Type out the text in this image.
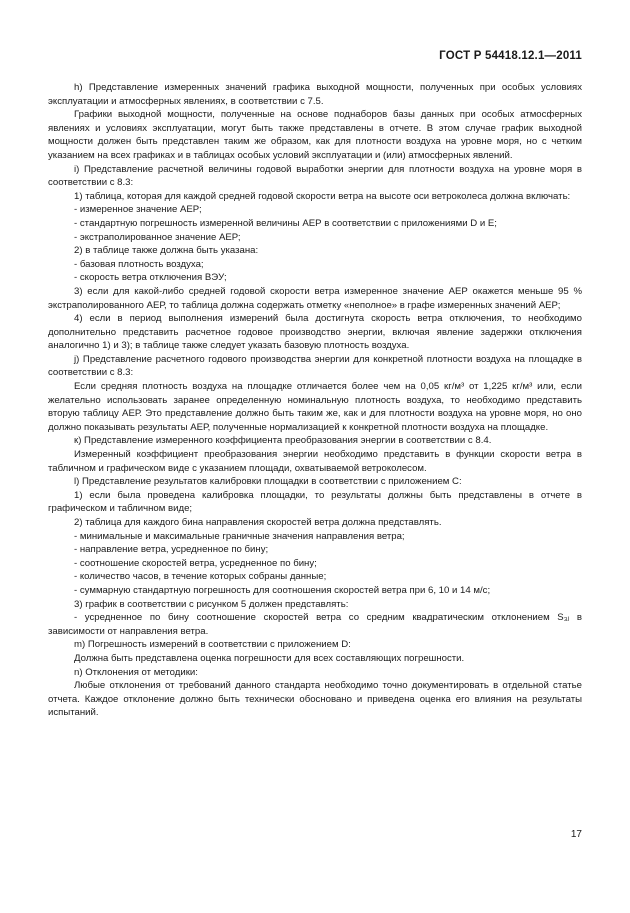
ГОСТ Р 54418.12.1—2011

h) Представление измеренных значений графика выходной мощности, полученных при особых условиях эксплуатации и атмосферных явлениях, в соответствии с 7.5.

Графики выходной мощности, полученные на основе поднаборов базы данных при особых атмосферных явлениях и условиях эксплуатации, могут быть также представлены в отчете. В этом случае график выходной мощности должен быть представлен таким же образом, как для плотности воздуха на уровне моря, но с четким указанием на всех графиках и в таблицах особых условий эксплуатации и (или) атмосферных явлений.

i) Представление расчетной величины годовой выработки энергии для плотности воздуха на уровне моря в соответствии с 8.3:

1) таблица, которая для каждой средней годовой скорости ветра на высоте оси ветроколеса должна включать:

- измеренное значение АЕР;

- стандартную погрешность измеренной величины АЕР в соответствии с приложениями D и E;

- экстраполированное значение АЕР;

2) в таблице также должна быть указана:

- базовая плотность воздуха;

- скорость ветра отключения ВЭУ;

3) если для какой-либо средней годовой скорости ветра измеренное значение АЕР окажется меньше 95 % экстраполированного АЕР, то таблица должна содержать отметку «неполное» в графе измеренных значений АЕР;

4) если в период выполнения измерений была достигнута скорость ветра отключения, то необходимо дополнительно представить расчетное годовое производство энергии, включая явление задержки отключения аналогично 1) и 3); в таблице также следует указать базовую плотность воздуха.

j) Представление расчетного годового производства энергии для конкретной плотности воздуха на площадке в соответствии с 8.3:

Если средняя плотность воздуха на площадке отличается более чем на 0,05 кг/м³ от 1,225 кг/м³ или, если желательно использовать заранее определенную номинальную плотность воздуха, то необходимо представить вторую таблицу АЕР. Это представление должно быть таким же, как и для плотности воздуха на уровне моря, но оно должно показывать результаты АЕР, полученные нормализацией к конкретной плотности воздуха на площадке.

к) Представление измеренного коэффициента преобразования энергии в соответствии с 8.4.

Измеренный коэффициент преобразования энергии необходимо представить в функции скорости ветра в табличном и графическом виде с указанием площади, охватываемой ветроколесом.

l) Представление результатов калибровки площадки в соответствии с приложением C:

1) если была проведена калибровка площадки, то результаты должны быть представлены в отчете в графическом и табличном виде;

2) таблица для каждого бина направления скоростей ветра должна представлять.

- минимальные и максимальные граничные значения направления ветра;

- направление ветра, усредненное по бину;

- соотношение скоростей ветра, усредненное по бину;

- количество часов, в течение которых собраны данные;

- суммарную стандартную погрешность для соотношения скоростей ветра при 6, 10 и 14 м/с;

3) график в соответствии с рисунком 5 должен представлять:

- усредненное по бину соотношение скоростей ветра со средним квадратическим отклонением S₃ⱼ в зависимости от направления ветра.

m) Погрешность измерений в соответствии с приложением D:

Должна быть представлена оценка погрешности для всех составляющих погрешности.

n) Отклонения от методики:

Любые отклонения от требований данного стандарта необходимо точно документировать в отдельной статье отчета. Каждое отклонение должно быть технически обосновано и приведена оценка его влияния на результаты испытаний.

17
